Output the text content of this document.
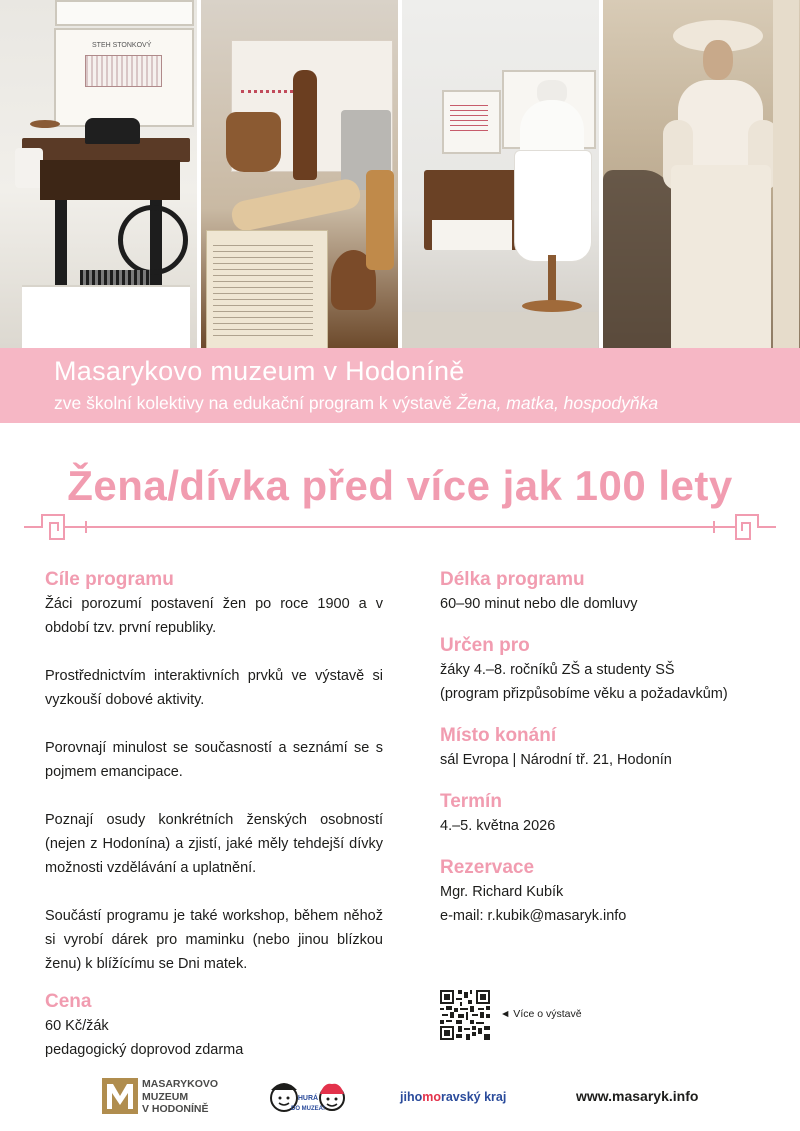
STEH STONKOVÝ
Masarykovo muzeum v Hodoníně
zve školní kolektivy na edukační program k výstavě Žena, matka, hospodyňka
Žena/dívka před více jak 100 lety

Cíle programu

Žáci porozumí postavení žen po roce 1900 a v období tzv. první republiky.

Prostřednictvím interaktivních prvků ve výstavě si vyzkouší dobové aktivity.

Porovnají minulost se současností a seznámí se s pojmem emancipace.

Poznají osudy konkrétních ženských osobností (nejen z Hodonína) a zjistí, jaké měly tehdejší dívky možnosti vzdělávání a uplatnění.

Součástí programu je také workshop, během něhož si vyrobí dárek pro maminku (nebo jinou blízkou ženu) k blížícímu se Dni matek.

Cena

60 Kč/žák

pedagogický doprovod zdarma

Délka programu

60–90 minut nebo dle domluvy

Určen pro

žáky 4.–8. ročníků ZŠ a studenty SŠ

(program přizpůsobíme věku a požadavkům)

Místo konání

sál Evropa | Národní tř. 21, Hodonín

Termín

4.–5. května 2026

Rezervace

Mgr. Richard Kubík

e-mail: r.kubik@masaryk.info

◄ Více o výstavě
MASARYKOVO
MUZEUM
V HODONÍNĚ
HURÁ
DO MUZEA!
jihomoravský kraj	www.masaryk.info
